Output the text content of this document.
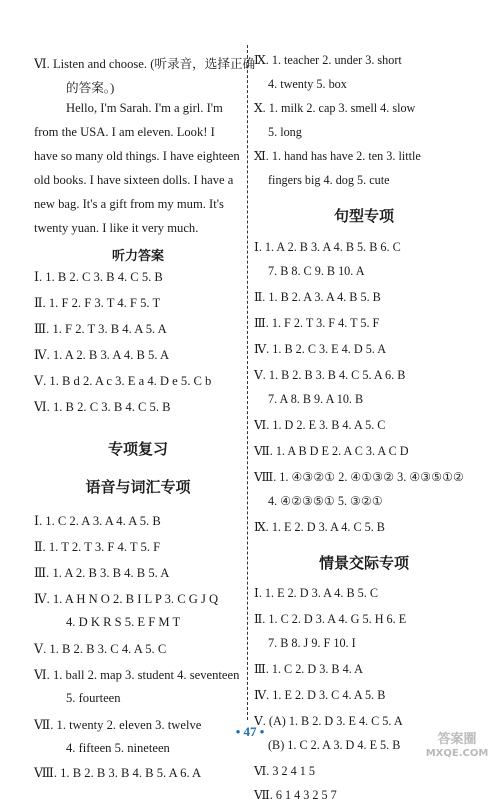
Ⅵ. Listen and choose. (听录音，选择正确
的答案。)
Hello, I'm Sarah. I'm a girl. I'm
from the USA. I am eleven. Look! I
have so many old things. I have eighteen
old books. I have sixteen dolls. I have a
new bag. It's a gift from my mum. It's
twenty yuan. I like it very much.
听力答案
Ⅰ. 1. B 2. C 3. B 4. C 5. B
Ⅱ. 1. F 2. F 3. T 4. F 5. T
Ⅲ. 1. F 2. T 3. B 4. A 5. A
Ⅳ. 1. A 2. B 3. A 4. B 5. A
Ⅴ. 1. B d 2. A c 3. E a 4. D e 5. C b
Ⅵ. 1. B 2. C 3. B 4. C 5. B
专项复习
语音与词汇专项
Ⅰ. 1. C 2. A 3. A 4. A 5. B
Ⅱ. 1. T 2. T 3. F 4. T 5. F
Ⅲ. 1. A 2. B 3. B 4. B 5. A
Ⅳ. 1. A H N O 2. B I L P 3. C G J Q
4. D K R S 5. E F M T
Ⅴ. 1. B 2. B 3. C 4. A 5. C
Ⅵ. 1. ball 2. map 3. student 4. seventeen
5. fourteen
Ⅶ. 1. twenty 2. eleven 3. twelve
4. fifteen 5. nineteen
Ⅷ. 1. B 2. B 3. B 4. B 5. A 6. A
Ⅸ. 1. teacher 2. under 3. short
4. twenty 5. box
Ⅹ. 1. milk 2. cap 3. smell 4. slow
5. long
Ⅺ. 1. hand has have 2. ten 3. little
fingers big 4. dog 5. cute
句型专项
Ⅰ. 1. A 2. B 3. A 4. B 5. B 6. C
7. B 8. C 9. B 10. A
Ⅱ. 1. B 2. A 3. A 4. B 5. B
Ⅲ. 1. F 2. T 3. F 4. T 5. F
Ⅳ. 1. B 2. C 3. E 4. D 5. A
Ⅴ. 1. B 2. B 3. B 4. C 5. A 6. B
7. A 8. B 9. A 10. B
Ⅵ. 1. D 2. E 3. B 4. A 5. C
Ⅶ. 1. A B D E 2. A C 3. A C D
Ⅷ. 1. ④③②① 2. ④①③② 3. ④③⑤①②
4. ④②③⑤① 5. ③②①
Ⅸ. 1. E 2. D 3. A 4. C 5. B
情景交际专项
Ⅰ. 1. E 2. D 3. A 4. B 5. C
Ⅱ. 1. C 2. D 3. A 4. G 5. H 6. E
7. B 8. J 9. F 10. I
Ⅲ. 1. C 2. D 3. B 4. A
Ⅳ. 1. E 2. D 3. C 4. A 5. B
Ⅴ. (A) 1. B 2. D 3. E 4. C 5. A
(B) 1. C 2. A 3. D 4. E 5. B
Ⅵ. 3 2 4 1 5
Ⅶ. 6 1 4 3 2 5 7
• 47 •
答案圈
MXQE.COM
